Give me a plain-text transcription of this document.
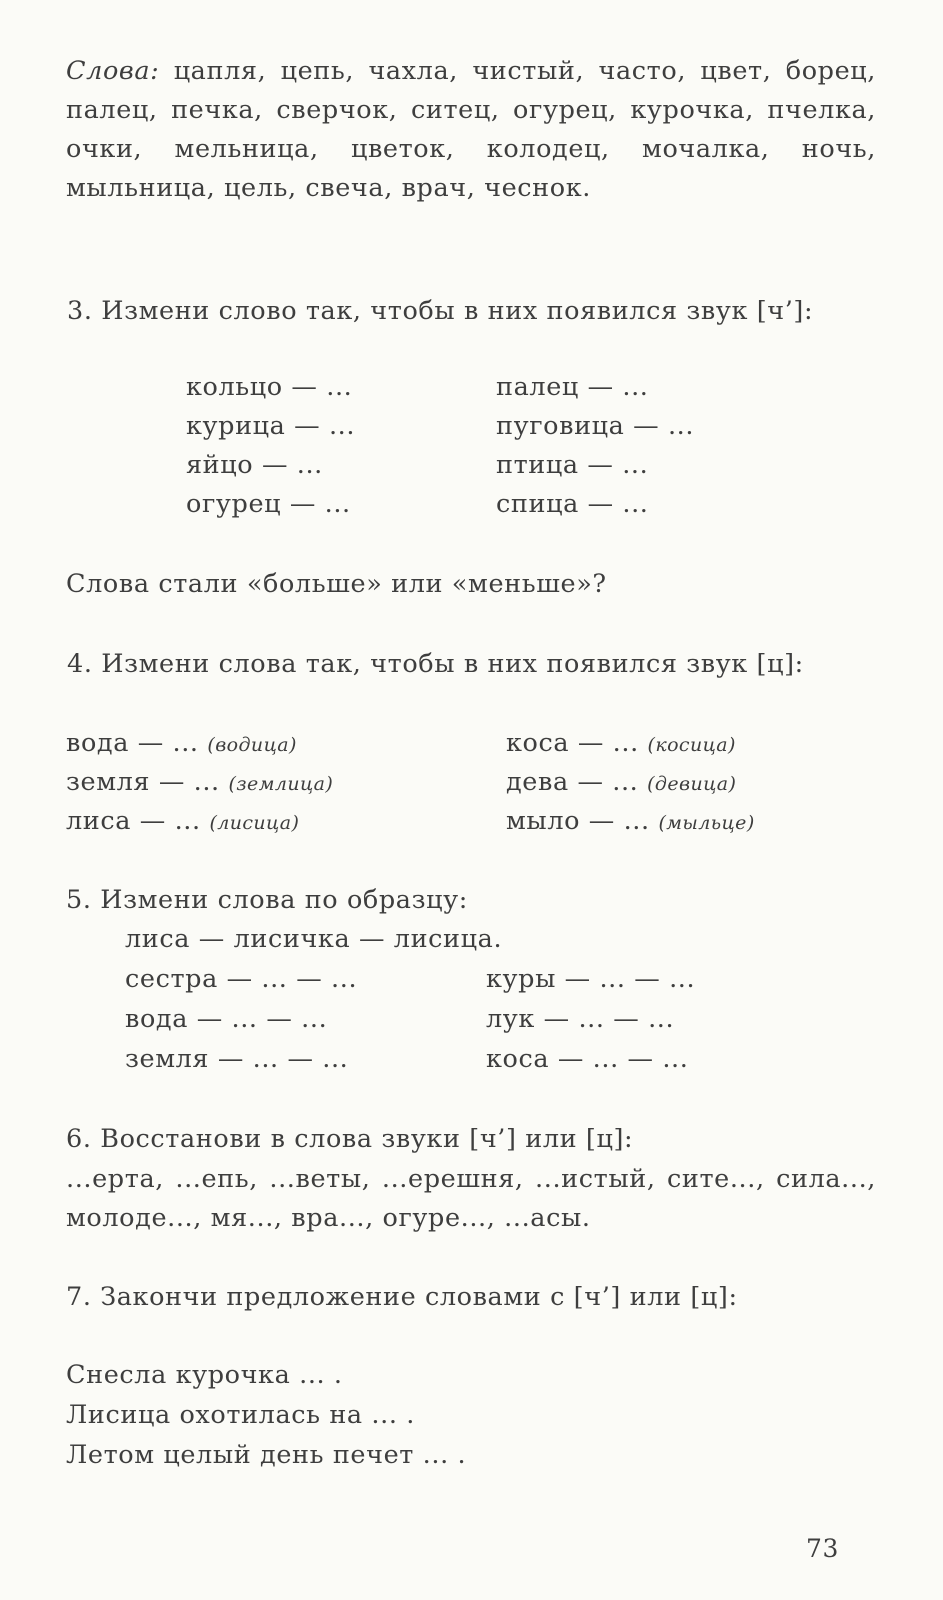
Слова: цапля, цепь, чахла, чистый, часто, цвет, борец, палец, печка, сверчок, ситец, огурец, курочка, пчелка, очки, мельница, цветок, колодец, мочалка, ночь, мыльница, цель, свеча, врач, чеснок.
3. Измени слово так, чтобы в них появился звук [ч’]:
кольцо — ...	палец — ...
курица — ...	пуговица — ...
яйцо — ...	птица — ...
огурец — ...	спица — ...
Слова стали «больше» или «меньше»?
4. Измени слова так, чтобы в них появился звук [ц]:
вода — ... (водица)	коса — ... (косица)
земля — ... (землица)	дева — ... (девица)
лиса — ... (лисица)	мыло — ... (мыльце)
5. Измени слова по образцу:
лиса — лисичка — лисица.
сестра — ... — ...	куры — ... — ...
вода — ... — ...	лук — ... — ...
земля — ... — ...	коса — ... — ...
6. Восстанови в слова звуки [ч’] или [ц]:
...ерта, ...епь, ...веты, ...ерешня, ...истый, сите..., сила..., молоде..., мя..., вра..., огуре..., ...асы.
7. Закончи предложение словами с [ч’] или [ц]:
Снесла курочка ... .
Лисица охотилась на ... .
Летом целый день печет ... .
73
